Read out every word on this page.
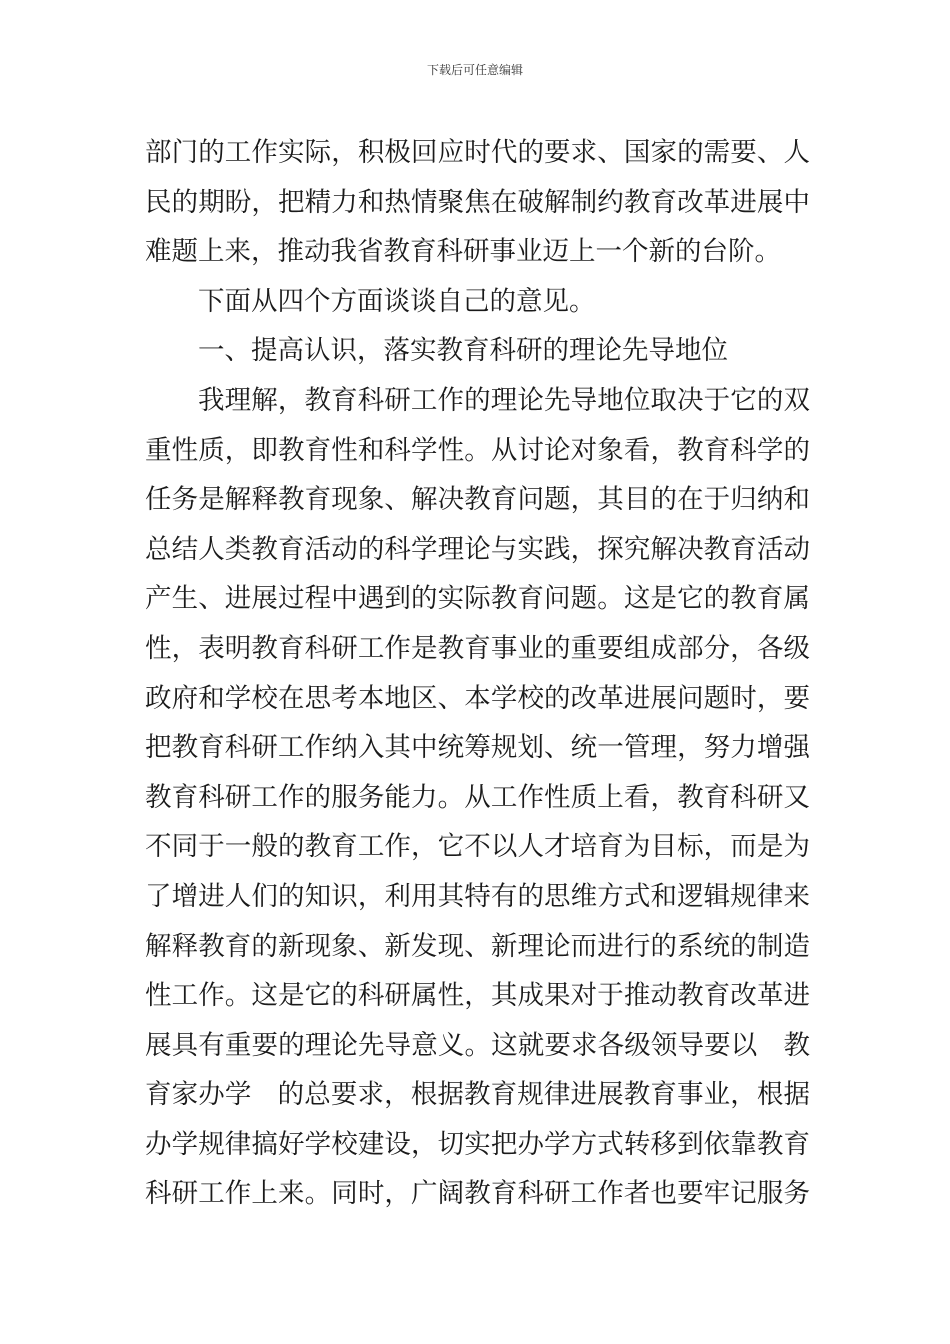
下载后可任意编辑
部门的工作实际，积极回应时代的要求、国家的需要、人
民的期盼，把精力和热情聚焦在破解制约教育改革进展中
难题上来，推动我省教育科研事业迈上一个新的台阶。
下面从四个方面谈谈自己的意见。
一、提高认识，落实教育科研的理论先导地位
我理解，教育科研工作的理论先导地位取决于它的双
重性质，即教育性和科学性。从讨论对象看，教育科学的
任务是解释教育现象、解决教育问题，其目的在于归纳和
总结人类教育活动的科学理论与实践，探究解决教育活动
产生、进展过程中遇到的实际教育问题。这是它的教育属
性，表明教育科研工作是教育事业的重要组成部分，各级
政府和学校在思考本地区、本学校的改革进展问题时，要
把教育科研工作纳入其中统筹规划、统一管理，努力增强
教育科研工作的服务能力。从工作性质上看，教育科研又
不同于一般的教育工作，它不以人才培育为目标，而是为
了增进人们的知识，利用其特有的思维方式和逻辑规律来
解释教育的新现象、新发现、新理论而进行的系统的制造
性工作。这是它的科研属性，其成果对于推动教育改革进
展具有重要的理论先导意义。这就要求各级领导要以 教
育家办学 的总要求，根据教育规律进展教育事业，根据
办学规律搞好学校建设，切实把办学方式转移到依靠教育
科研工作上来。同时，广阔教育科研工作者也要牢记服务
